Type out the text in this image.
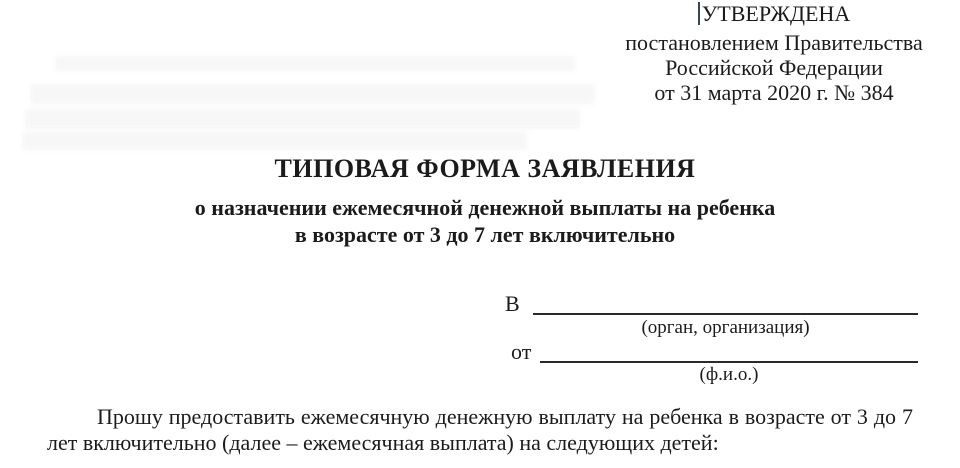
УТВЕРЖДЕНА
постановлением Правительства
Российской Федерации
от 31 марта 2020 г. № 384
ТИПОВАЯ ФОРМА ЗАЯВЛЕНИЯ
о назначении ежемесячной денежной выплаты на ребенка
в возрасте от 3 до 7 лет включительно
В
(орган, организация)
от
(ф.и.о.)

Прошу предоставить ежемесячную денежную выплату на ребенка в возрасте от 3 до 7 лет включительно (далее – ежемесячная выплата) на следующих детей:
